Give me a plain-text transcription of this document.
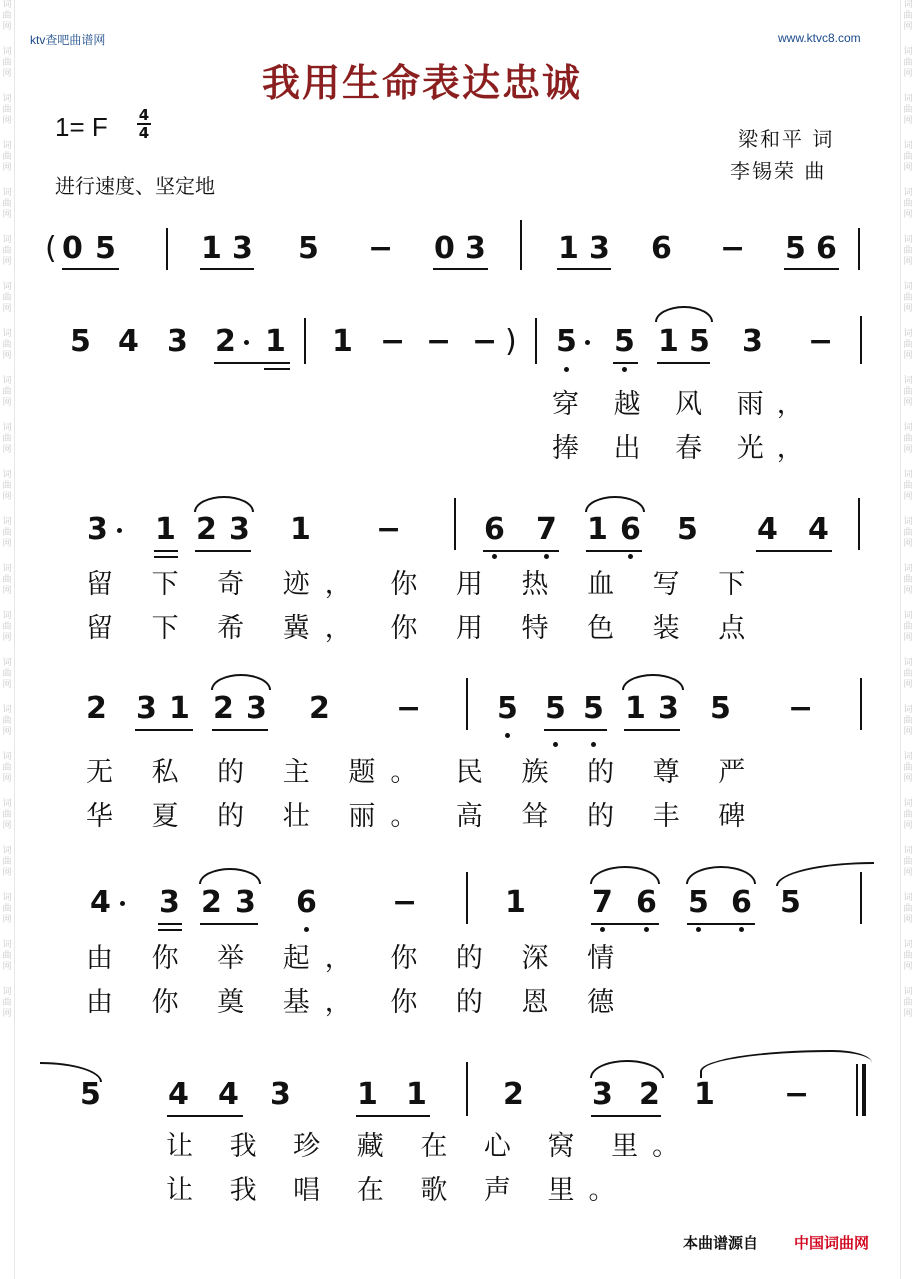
词
曲
网
词
曲
网
词
曲
网
词
曲
网
词
曲
网
词
曲
网
词
曲
网
词
曲
网
词
曲
网
词
曲
网
词
曲
网
词
曲
网
词
曲
网
词
曲
网
词
曲
网
词
曲
网
词
曲
网
词
曲
网
词
曲
网
词
曲
网
词
曲
网
词
曲
网
词
曲
网
词
曲
网
词
曲
网
词
曲
网
词
曲
网
词
曲
网
词
曲
网
词
曲
网
词
曲
网
词
曲
网
词
曲
网
词
曲
网
词
曲
网
词
曲
网
词
曲
网
词
曲
网
词
曲
网
词
曲
网
词
曲
网
词
曲
网
词
曲
网
词
曲
网
ktv查吧曲谱网	www.ktvc8.com
我用生命表达忠诚
1= F 4
4
进行速度、坚定地
梁和平 词
李锡荣 曲
( 0 5	1 3 5 − 0 3 1 3 6 − 5 6
5 4 3 2 1 1 − − − ) 5 5 1 5 3 −
穿 越 风 雨，
捧 出 春 光，
3 1 2 3 1 −	6 7 1 6 5 4 4
留 下 奇 迹， 你 用 热 血 写 下
留 下 希 冀， 你 用 特 色 装 点
2 3 1 2 3 2 −	5 5 5 1 3 5 −
无 私 的 主 题。 民 族 的 尊 严
华 夏 的 壮 丽。 高 耸 的 丰 碑
4 3 2 3 6	−	1 7 6 5 6 5
由 你 举 起， 你 的 深 情
由 你 奠 基， 你 的 恩 德
5 4 4 3 1 1	2 3 2 1 −
让 我 珍 藏 在 心 窝 里。
让 我 唱 在 歌 声 里。
本曲谱源自 中国词曲网
